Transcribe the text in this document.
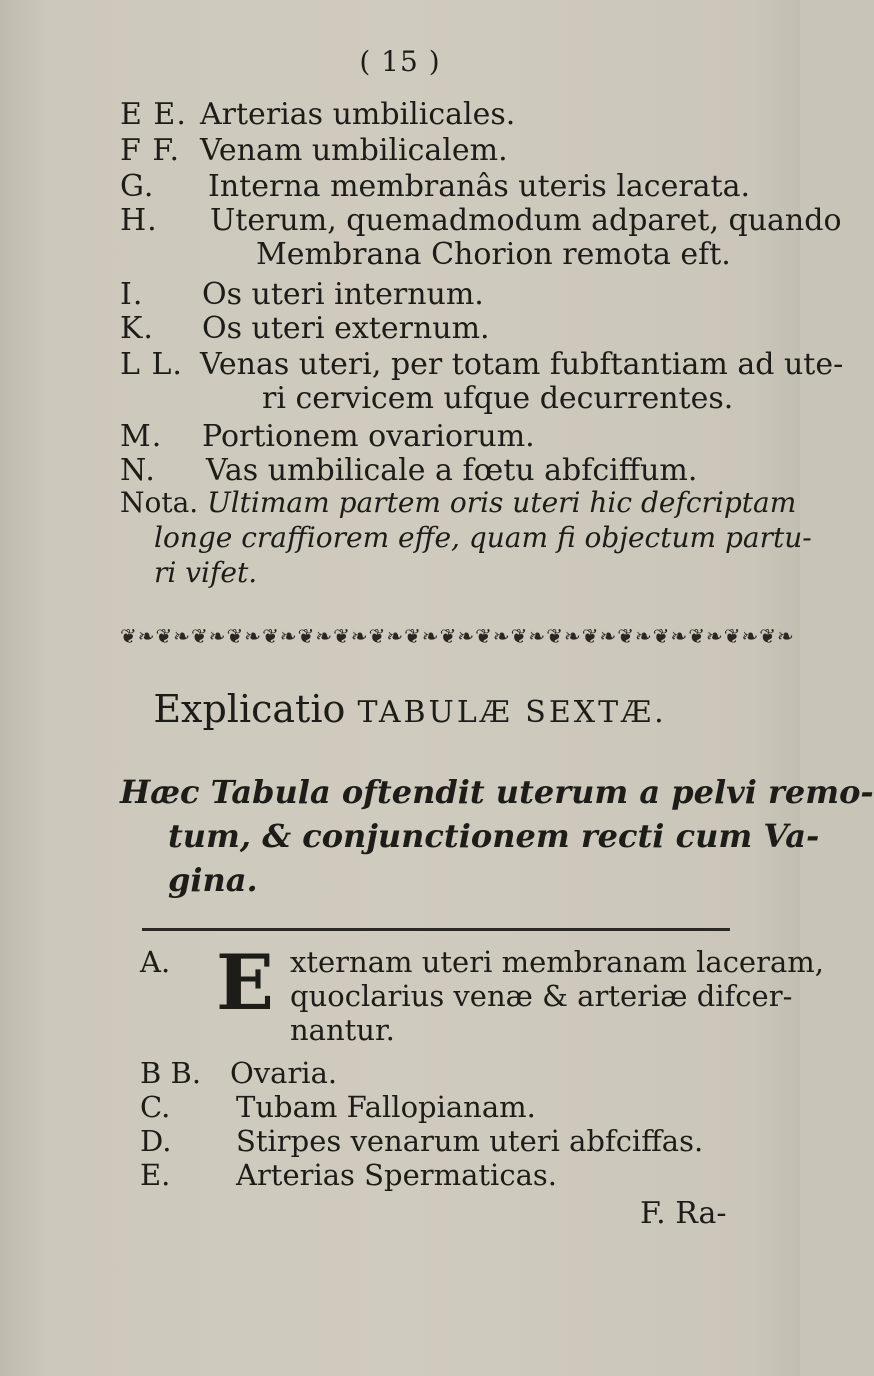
( 15 )
E E. Arterias umbilicales.
F F. Venam umbilicalem.
G. Interna membranâs uteris lacerata.
H. Uterum, quemadmodum adparet, quando
Membrana Chorion remota eft.
I. Os uteri internum.
K. Os uteri externum.
L L. Venas uteri, per totam fubftantiam ad ute-
ri cervicem ufque decurrentes.
M. Portionem ovariorum.
N. Vas umbilicale a fœtu abfciffum.
Nota. Ultimam partem oris uteri hic defcriptam
longe craffiorem effe, quam fi objectum partu-
ri vifet.
❦❧❦❧❦❧❦❧❦❧❦❧❦❧❦❧❦❧❦❧❦❧❦❧❦❧❦❧❦❧❦❧❦❧❦❧❦❧
Explicatio TABULÆ SEXTÆ.
Hæc Tabula oftendit uterum a pelvi remo-
tum, & conjunctionem recti cum Va-
gina.
A. E xternam uteri membranam laceram,
quoclarius venæ & arteriæ difcer-
nantur.
B B. Ovaria.
C. Tubam Fallopianam.
D. Stirpes venarum uteri abfciffas.
E. Arterias Spermaticas.
F. Ra-
